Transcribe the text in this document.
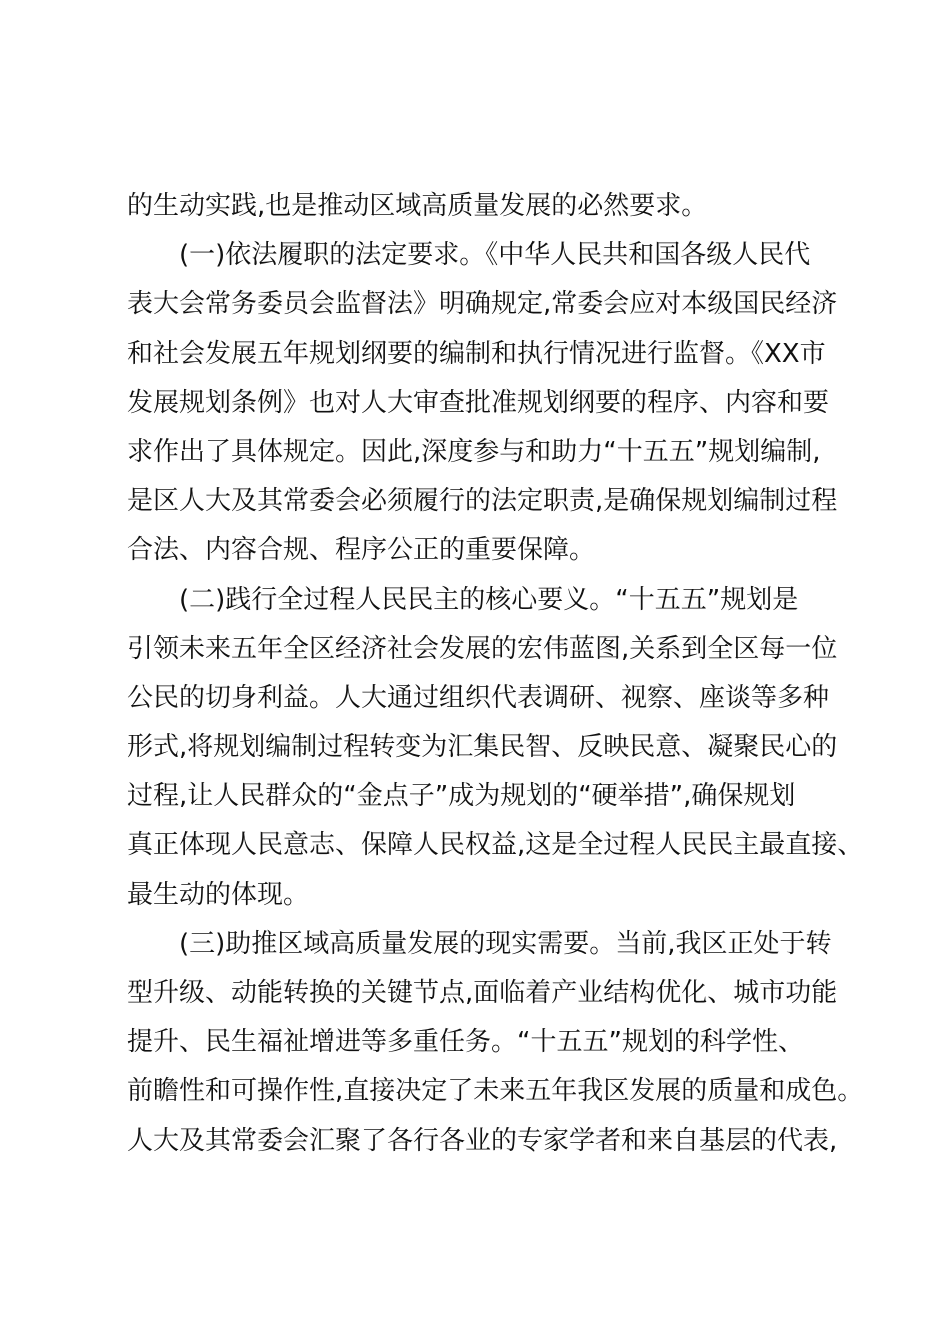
的生动实践,也是推动区域高质量发展的必然要求。
(一)依法履职的法定要求。《中华人民共和国各级人民代
表大会常务委员会监督法》明确规定,常委会应对本级国民经济
和社会发展五年规划纲要的编制和执行情况进行监督。《XX市
发展规划条例》也对人大审查批准规划纲要的程序、内容和要
求作出了具体规定。因此,深度参与和助力“十五五”规划编制,
是区人大及其常委会必须履行的法定职责,是确保规划编制过程
合法、内容合规、程序公正的重要保障。
(二)践行全过程人民民主的核心要义。“十五五”规划是
引领未来五年全区经济社会发展的宏伟蓝图,关系到全区每一位
公民的切身利益。人大通过组织代表调研、视察、座谈等多种
形式,将规划编制过程转变为汇集民智、反映民意、凝聚民心的
过程,让人民群众的“金点子”成为规划的“硬举措”,确保规划
真正体现人民意志、保障人民权益,这是全过程人民民主最直接、
最生动的体现。
(三)助推区域高质量发展的现实需要。当前,我区正处于转
型升级、动能转换的关键节点,面临着产业结构优化、城市功能
提升、民生福祉增进等多重任务。“十五五”规划的科学性、
前瞻性和可操作性,直接决定了未来五年我区发展的质量和成色。
人大及其常委会汇聚了各行各业的专家学者和来自基层的代表,
